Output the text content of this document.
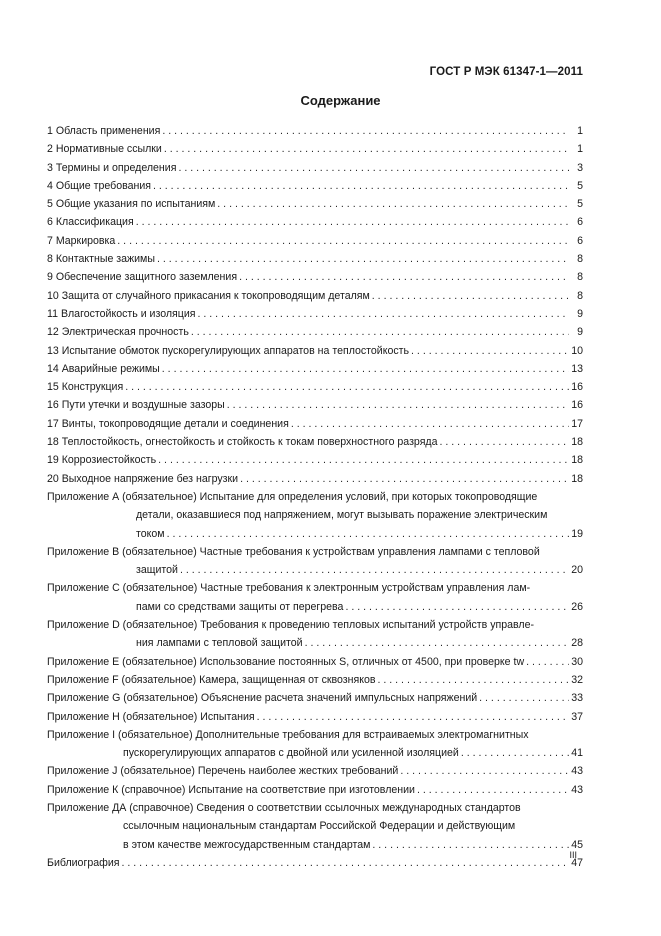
ГОСТ Р МЭК 61347-1—2011
Содержание
1 Область применения . . .	1
2 Нормативные ссылки . . .	1
3 Термины и определения . . .	3
4 Общие требования . . .	5
5 Общие указания по испытаниям . . .	5
6 Классификация . . .	6
7 Маркировка . . .	6
8 Контактные зажимы . . .	8
9 Обеспечение защитного заземления . . .	8
10 Защита от случайного прикасания к токопроводящим деталям . . .	8
11 Влагостойкость и изоляция . . .	9
12 Электрическая прочность . . .	9
13 Испытание обмоток пускорегулирующих аппаратов на теплостойкость . . .	10
14 Аварийные режимы . . .	13
15 Конструкция . . .	16
16 Пути утечки и воздушные зазоры . . .	16
17 Винты, токопроводящие детали и соединения . . .	17
18 Теплостойкость, огнестойкость и стойкость к токам поверхностного разряда . . .	18
19 Коррозиестойкость . . .	18
20 Выходное напряжение без нагрузки . . .	18
Приложение А (обязательное) Испытание для определения условий, при которых токопроводящие
детали, оказавшиеся под напряжением, могут вызывать поражение электрическим
током . . .	19
Приложение В (обязательное) Частные требования к устройствам управления лампами с тепловой
защитой . . .	20
Приложение С (обязательное) Частные требования к электронным устройствам управления лам-
пами со средствами защиты от перегрева . . .	26
Приложение D (обязательное) Требования к проведению тепловых испытаний устройств управле-
ния лампами с тепловой защитой . . .	28
Приложение Е (обязательное) Использование постоянных S, отличных от 4500, при проверке tw . . .	30
Приложение F (обязательное) Камера, защищенная от сквозняков . . .	32
Приложение G (обязательное) Объяснение расчета значений импульсных напряжений . . .	33
Приложение H (обязательное) Испытания . . .	37
Приложение I (обязательное) Дополнительные требования для встраиваемых электромагнитных
пускорегулирующих аппаратов с двойной или усиленной изоляцией . . .	41
Приложение J (обязательное) Перечень наиболее жестких требований . . .	43
Приложение К (справочное) Испытание на соответствие при изготовлении . . .	43
Приложение ДА (справочное) Сведения о соответствии ссылочных международных стандартов
ссылочным национальным стандартам Российской Федерации и действующим
в этом качестве межгосударственным стандартам . . .	45
Библиография . . .	47
III
